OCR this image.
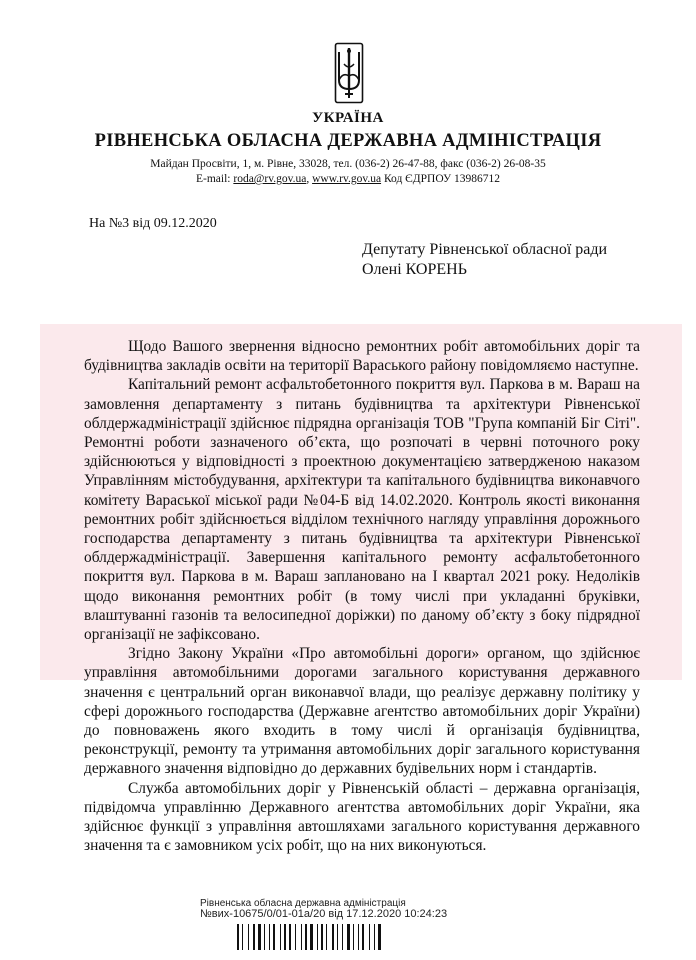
УКРАЇНА
РІВНЕНСЬКА ОБЛАСНА ДЕРЖАВНА АДМІНІСТРАЦІЯ
Майдан Просвіти, 1, м. Рівне, 33028, тел. (036-2) 26-47-88, факс (036-2) 26-08-35
E-mail: roda@rv.gov.ua, www.rv.gov.ua Код ЄДРПОУ 13986712
На №3 від 09.12.2020
Депутату Рівненської обласної ради
Олені КОРЕНЬ

Щодо Вашого звернення відносно ремонтних робіт автомобільних доріг та будівництва закладів освіти на території Вараського району повідомляємо наступне.

Капітальний ремонт асфальтобетонного покриття вул. Паркова в м. Вараш на замовлення департаменту з питань будівництва та архітектури Рівненської облдержадміністрації здійснює підрядна організація ТОВ "Група компаній Біг Сіті". Ремонтні роботи зазначеного об’єкта, що розпочаті в червні поточного року здійснюються у відповідності з проектною документацією затвердженою наказом Управлінням містобудування, архітектури та капітального будівництва виконавчого комітету Вараської міської ради №04-Б від 14.02.2020. Контроль якості виконання ремонтних робіт здійснюється відділом технічного нагляду управління дорожнього господарства департаменту з питань будівництва та архітектури Рівненської облдержадміністрації. Завершення капітального ремонту асфальтобетонного покриття вул. Паркова в м. Вараш заплановано на І квартал 2021 року. Недоліків щодо виконання ремонтних робіт (в тому числі при укладанні бруківки, влаштуванні газонів та велосипедної доріжки) по даному об’єкту з боку підрядної організації не зафіксовано.

Згідно Закону України «Про автомобільні дороги» органом, що здійснює управління автомобільними дорогами загального користування державного значення є центральний орган виконавчої влади, що реалізує державну політику у сфері дорожнього господарства (Державне агентство автомобільних доріг України) до повноважень якого входить в тому числі й організація будівництва, реконструкції, ремонту та утримання автомобільних доріг загального користування державного значення відповідно до державних будівельних норм і стандартів.

Служба автомобільних доріг у Рівненській області – державна організація, підвідомча управлінню Державного агентства автомобільних доріг України, яка здійснює функції з управління автошляхами загального користування державного значення та є замовником усіх робіт, що на них виконуються.

Рівненська обласна державна адміністрація
№вих-10675/0/01-01а/20 від 17.12.2020 10:24:23
